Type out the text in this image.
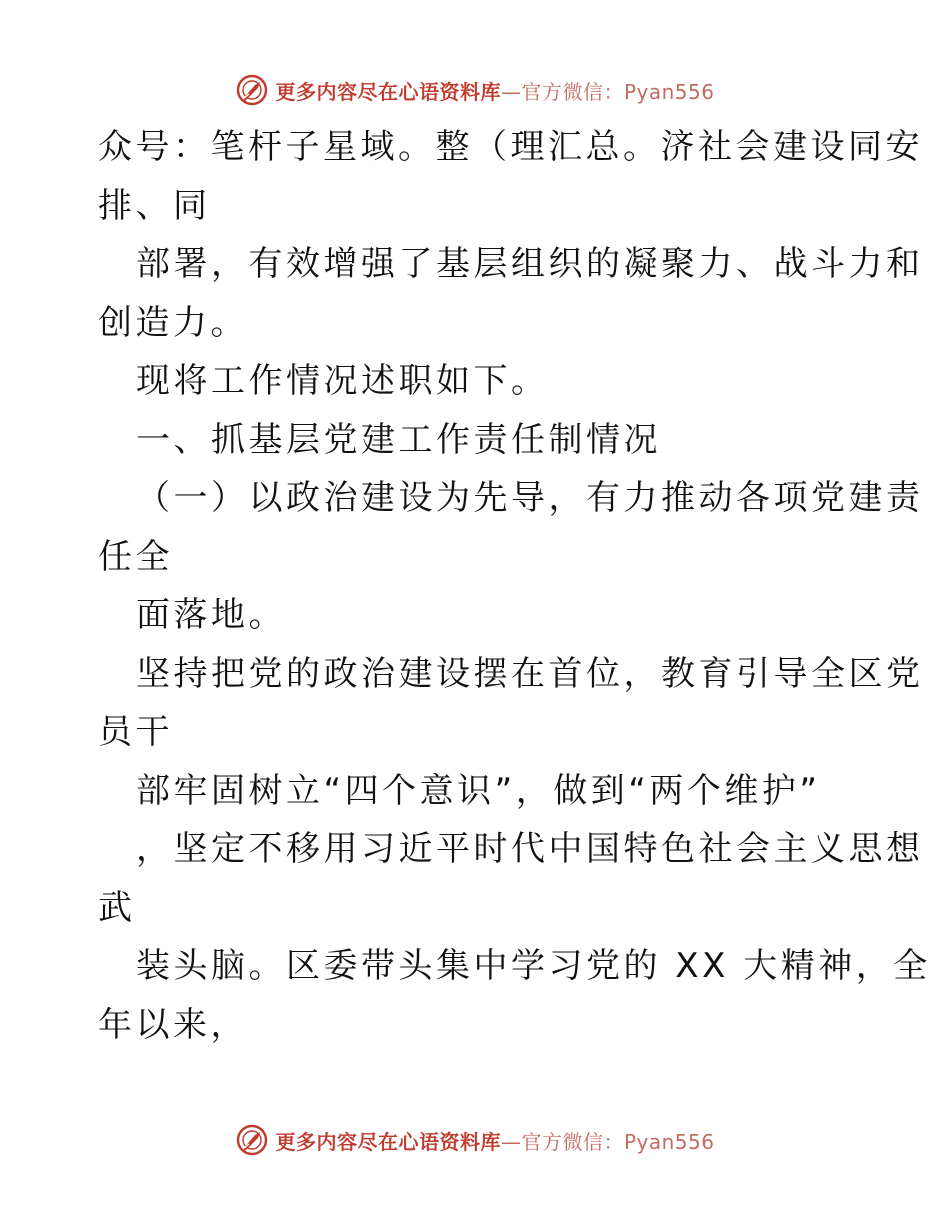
更多内容尽在心语资料库—官方微信：Pyan556
众号：笔杆子星域。整（理汇总。济社会建设同安
排、同
部署，有效增强了基层组织的凝聚力、战斗力和
创造力。
现将工作情况述职如下。
一、抓基层党建工作责任制情况
（一）以政治建设为先导，有力推动各项党建责
任全
面落地。
坚持把党的政治建设摆在首位，教育引导全区党
员干
部牢固树立“四个意识”，做到“两个维护”
，坚定不移用习近平时代中国特色社会主义思想
武
装头脑。区委带头集中学习党的 XX 大精神，全
年以来，
更多内容尽在心语资料库—官方微信：Pyan556
